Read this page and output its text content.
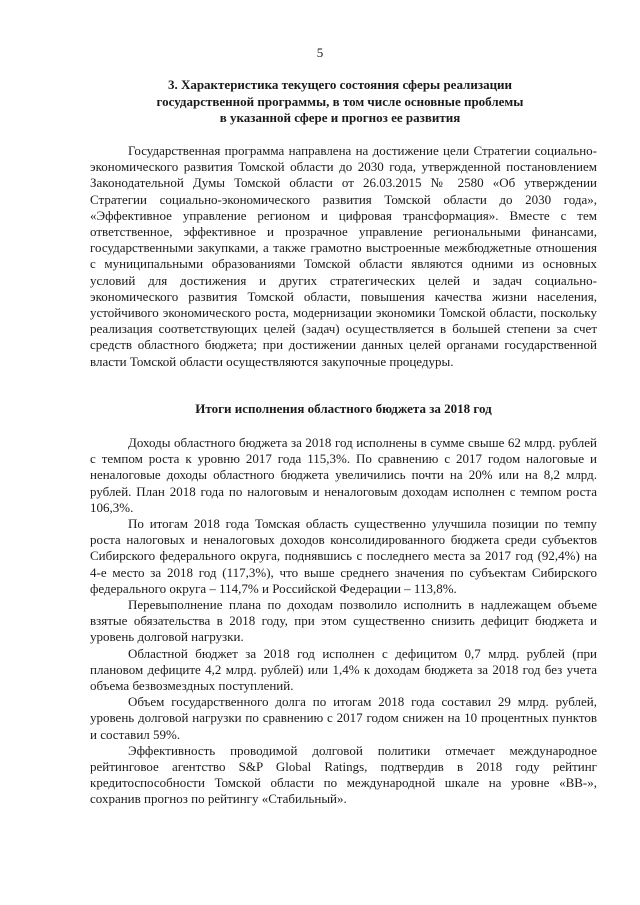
5
3. Характеристика текущего состояния сферы реализации
государственной программы, в том числе основные проблемы
в указанной сфере и прогноз ее развития

Государственная программа направлена на достижение цели Стратегии социально-экономического развития Томской области до 2030 года, утвержденной постановлением Законодательной Думы Томской области от 26.03.2015 № 2580 «Об утверждении Стратегии социально-экономического развития Томской области до 2030 года», «Эффективное управление регионом и цифровая трансформация». Вместе с тем ответственное, эффективное и прозрачное управление региональными финансами, государственными закупками, а также грамотно выстроенные межбюджетные отношения с муниципальными образованиями Томской области являются одними из основных условий для достижения и других стратегических целей и задач социально-экономического развития Томской области, повышения качества жизни населения, устойчивого экономического роста, модернизации экономики Томской области, поскольку реализация соответствующих целей (задач) осуществляется в большей степени за счет средств областного бюджета; при достижении данных целей органами государственной власти Томской области осуществляются закупочные процедуры.

Итоги исполнения областного бюджета за 2018 год

Доходы областного бюджета за 2018 год исполнены в сумме свыше 62 млрд. рублей с темпом роста к уровню 2017 года 115,3%. По сравнению с 2017 годом налоговые и неналоговые доходы областного бюджета увеличились почти на 20% или на 8,2 млрд. рублей. План 2018 года по налоговым и неналоговым доходам исполнен с темпом роста 106,3%.

По итогам 2018 года Томская область существенно улучшила позиции по темпу роста налоговых и неналоговых доходов консолидированного бюджета среди субъектов Сибирского федерального округа, поднявшись с последнего места за 2017 год (92,4%) на 4-е место за 2018 год (117,3%), что выше среднего значения по субъектам Сибирского федерального округа – 114,7% и Российской Федерации – 113,8%.

Перевыполнение плана по доходам позволило исполнить в надлежащем объеме взятые обязательства в 2018 году, при этом существенно снизить дефицит бюджета и уровень долговой нагрузки.

Областной бюджет за 2018 год исполнен с дефицитом 0,7 млрд. рублей (при плановом дефиците 4,2 млрд. рублей) или 1,4% к доходам бюджета за 2018 год без учета объема безвозмездных поступлений.

Объем государственного долга по итогам 2018 года составил 29 млрд. рублей, уровень долговой нагрузки по сравнению с 2017 годом снижен на 10 процентных пунктов и составил 59%.

Эффективность проводимой долговой политики отмечает международное рейтинговое агентство S&P Global Ratings, подтвердив в 2018 году рейтинг кредитоспособности Томской области по международной шкале на уровне «BB-», сохранив прогноз по рейтингу «Стабильный».
